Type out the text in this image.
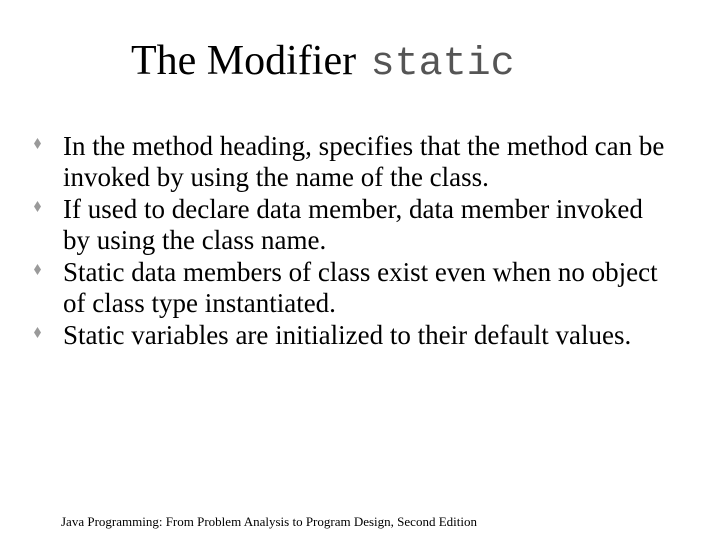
The Modifier static
In the method heading, specifies that the method can be invoked by using the name of the class.
If used to declare data member, data member invoked by using the class name.
Static data members of class exist even when no object of class type instantiated.
Static variables are initialized to their default values.
Java Programming: From Problem Analysis to Program Design, Second Edition
